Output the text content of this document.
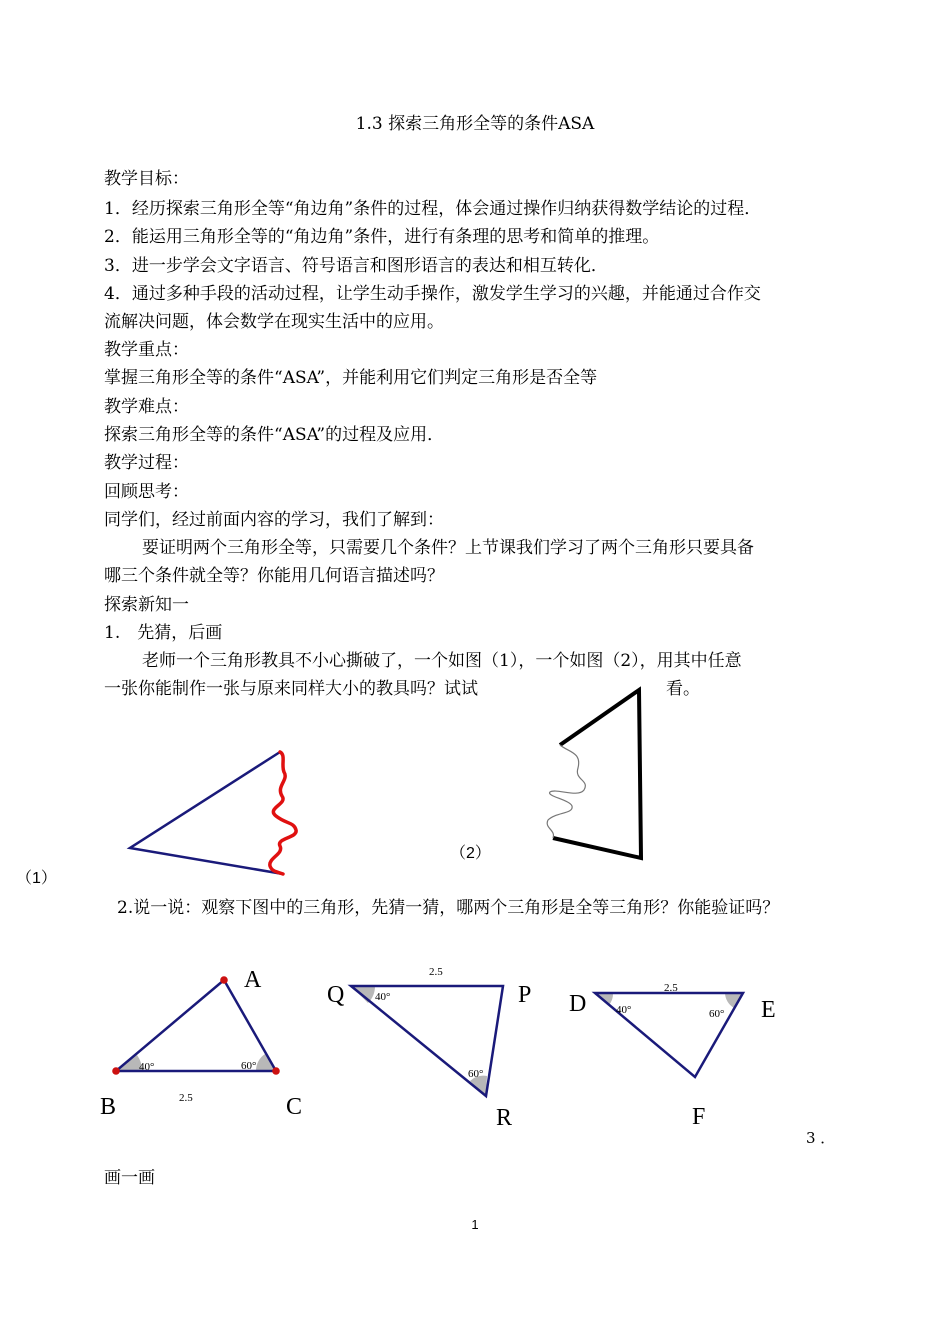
1.3 探索三角形全等的条件ASA

教学目标：

1．经历探索三角形全等“角边角”条件的过程，体会通过操作归纳获得数学结论的过程．

2．能运用三角形全等的“角边角”条件，进行有条理的思考和简单的推理。

3．进一步学会文字语言、符号语言和图形语言的表达和相互转化．

4．通过多种手段的活动过程，让学生动手操作，激发学生学习的兴趣，并能通过合作交

流解决问题，体会数学在现实生活中的应用。

教学重点：

掌握三角形全等的条件“ASA”，并能利用它们判定三角形是否全等

教学难点：

探索三角形全等的条件“ASA”的过程及应用．

教学过程：

回顾思考：

同学们，经过前面内容的学习，我们了解到：

要证明两个三角形全等，只需要几个条件？上节课我们学习了两个三角形只要具备

哪三个条件就全等？你能用几何语言描述吗？

探索新知一

1.　先猜，后画

老师一个三角形教具不小心撕破了，一个如图（1），一个如图（2），用其中任意

一张你能制作一张与原来同样大小的教具吗？试试	看。

（2）

（1）

2.说一说：观察下图中的三角形，先猜一猜，哪两个三角形是全等三角形？你能验证吗？

A
B	C
40°	60°
2.5
Q	P
R
40°
60°
2.5
D	E
F
40°	60°
2.5

3 ．

画一画

1
